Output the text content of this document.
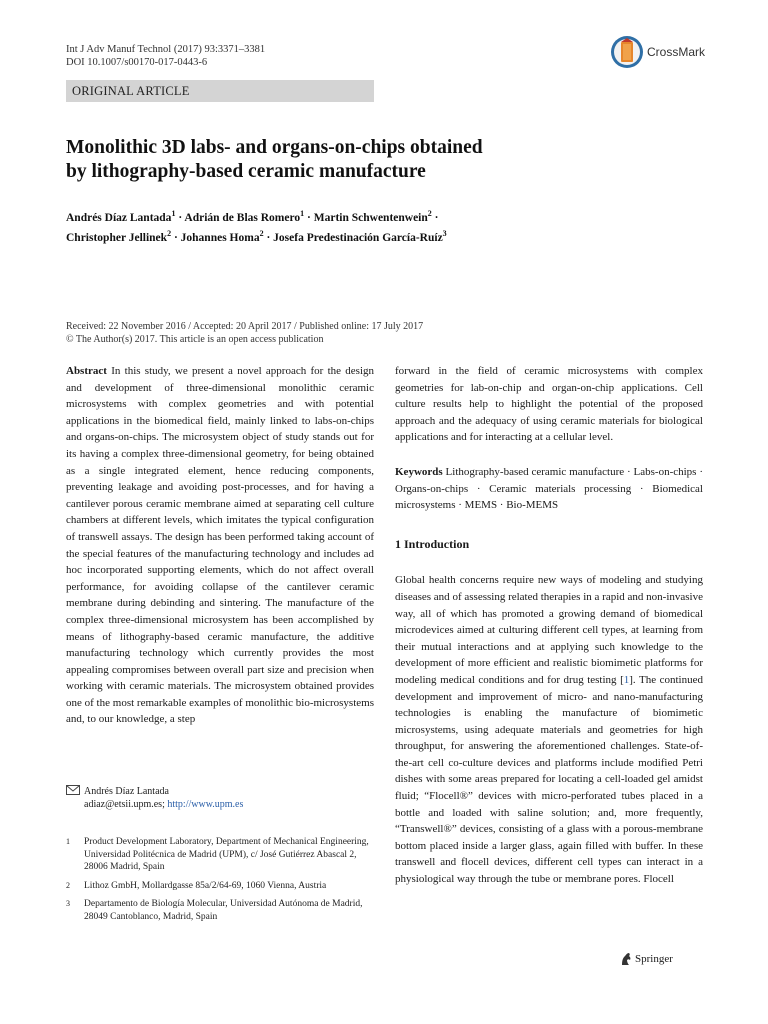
Int J Adv Manuf Technol (2017) 93:3371–3381
DOI 10.1007/s00170-017-0443-6
CrossMark
ORIGINAL ARTICLE
Monolithic 3D labs- and organs-on-chips obtained
by lithography-based ceramic manufacture
Andrés Díaz Lantada$^1$ · Adrián de Blas Romero$^1$ · Martin Schwentenwein$^2$ ·
Christopher Jellinek$^2$ · Johannes Homa$^2$ · Josefa Predestinación García-Ruíz$^3$
Received: 22 November 2016 / Accepted: 20 April 2017 / Published online: 17 July 2017
© The Author(s) 2017. This article is an open access publication

Abstract In this study, we present a novel approach for the design and development of three-dimensional monolithic ceramic microsystems with complex geometries and with potential applications in the biomedical field, mainly linked to labs-on-chips and organs-on-chips. The microsystem object of study stands out for its having a complex three-dimensional geometry, for being obtained as a single integrated element, hence reducing components, preventing leakage and avoiding post-processes, and for having a cantilever porous ceramic membrane aimed at separating cell culture chambers at different levels, which imitates the typical configuration of transwell assays. The design has been performed taking account of the special features of the manufacturing technology and includes ad hoc incorporated supporting elements, which do not affect overall performance, for avoiding collapse of the cantilever ceramic membrane during debinding and sintering. The manufacture of the complex three-dimensional microsystem has been accomplished by means of lithography-based ceramic manufacture, the additive manufacturing technology which currently provides the most appealing compromises between overall part size and precision when working with ceramic materials. The microsystem obtained provides one of the most remarkable examples of monolithic bio-microsystems and, to our knowledge, a step

forward in the field of ceramic microsystems with complex geometries for lab-on-chip and organ-on-chip applications. Cell culture results help to highlight the potential of the proposed approach and the adequacy of using ceramic materials for biological applications and for interacting at a cellular level.

Keywords Lithography-based ceramic manufacture · Labs-on-chips · Organs-on-chips · Ceramic materials processing · Biomedical microsystems · MEMS · Bio-MEMS

1 Introduction

Global health concerns require new ways of modeling and studying diseases and of assessing related therapies in a rapid and non-invasive way, all of which has promoted a growing demand of biomedical microdevices aimed at culturing different cell types, at learning from their mutual interactions and at applying such knowledge to the development of more efficient and realistic biomimetic platforms for modeling medical conditions and for drug testing [1]. The continued development and improvement of micro- and nano-manufacturing technologies is enabling the manufacture of biomimetic microsystems, using adequate materials and geometries for high throughput, for answering the aforementioned challenges. State-of-the-art cell co-culture devices and platforms include modified Petri dishes with some areas prepared for locating a cell-loaded gel amidst fluid; “Flocell®” devices with micro-perforated tubes placed in a bottle and loaded with saline solution; and, more frequently, “Transwell®” devices, consisting of a glass with a porous-membrane bottom placed inside a larger glass, again filled with buffer. In these transwell and flocell devices, different cell types can interact in a physiological way through the tube or membrane pores. Flocell

Andrés Díaz Lantada
adiaz@etsii.upm.es; http://www.upm.es
1 Product Development Laboratory, Department of Mechanical Engineering, Universidad Politécnica de Madrid (UPM), c/ José Gutiérrez Abascal 2, 28006 Madrid, Spain
2 Lithoz GmbH, Mollardgasse 85a/2/64-69, 1060 Vienna, Austria
3 Departamento de Biología Molecular, Universidad Autónoma de Madrid, 28049 Cantoblanco, Madrid, Spain
Springer
